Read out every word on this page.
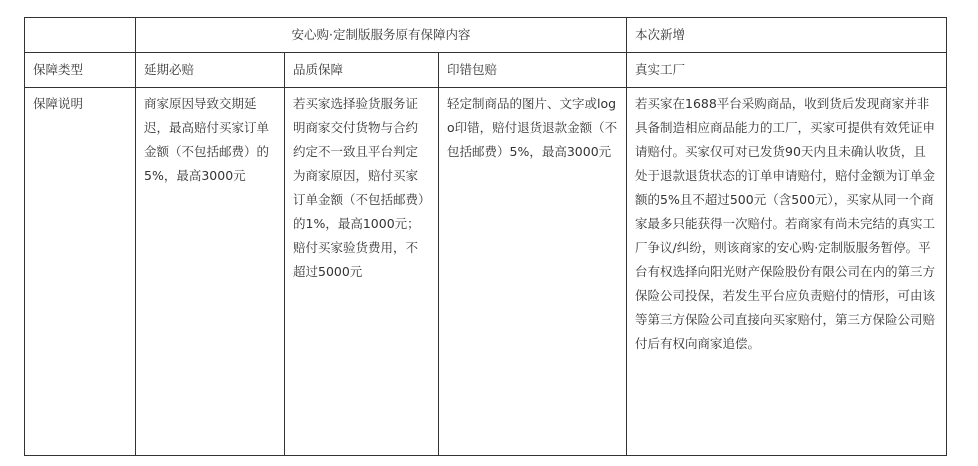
	安心购·定制版服务原有保障内容			本次新增
保障类型	延期必赔	品质保障	印错包赔	真实工厂
保障说明	商家原因导致交期延迟，最高赔付买家订单金额（不包括邮费）的5%，最高3000元	若买家选择验货服务证明商家交付货物与合约约定不一致且平台判定为商家原因，赔付买家订单金额（不包括邮费）的1%，最高1000元；赔付买家验货费用，不超过5000元	轻定制商品的图片、文字或logo印错，赔付退货退款金额（不包括邮费）5%，最高3000元	若买家在1688平台采购商品，收到货后发现商家并非具备制造相应商品能力的工厂，买家可提供有效凭证申请赔付。买家仅可对已发货90天内且未确认收货，且处于退款退货状态的订单申请赔付，赔付金额为订单金额的5%且不超过500元（含500元），买家从同一个商家最多只能获得一次赔付。若商家有尚未完结的真实工厂争议/纠纷，则该商家的安心购·定制版服务暂停。平台有权选择向阳光财产保险股份有限公司在内的第三方保险公司投保，若发生平台应负责赔付的情形，可由该等第三方保险公司直接向买家赔付，第三方保险公司赔付后有权向商家追偿。
